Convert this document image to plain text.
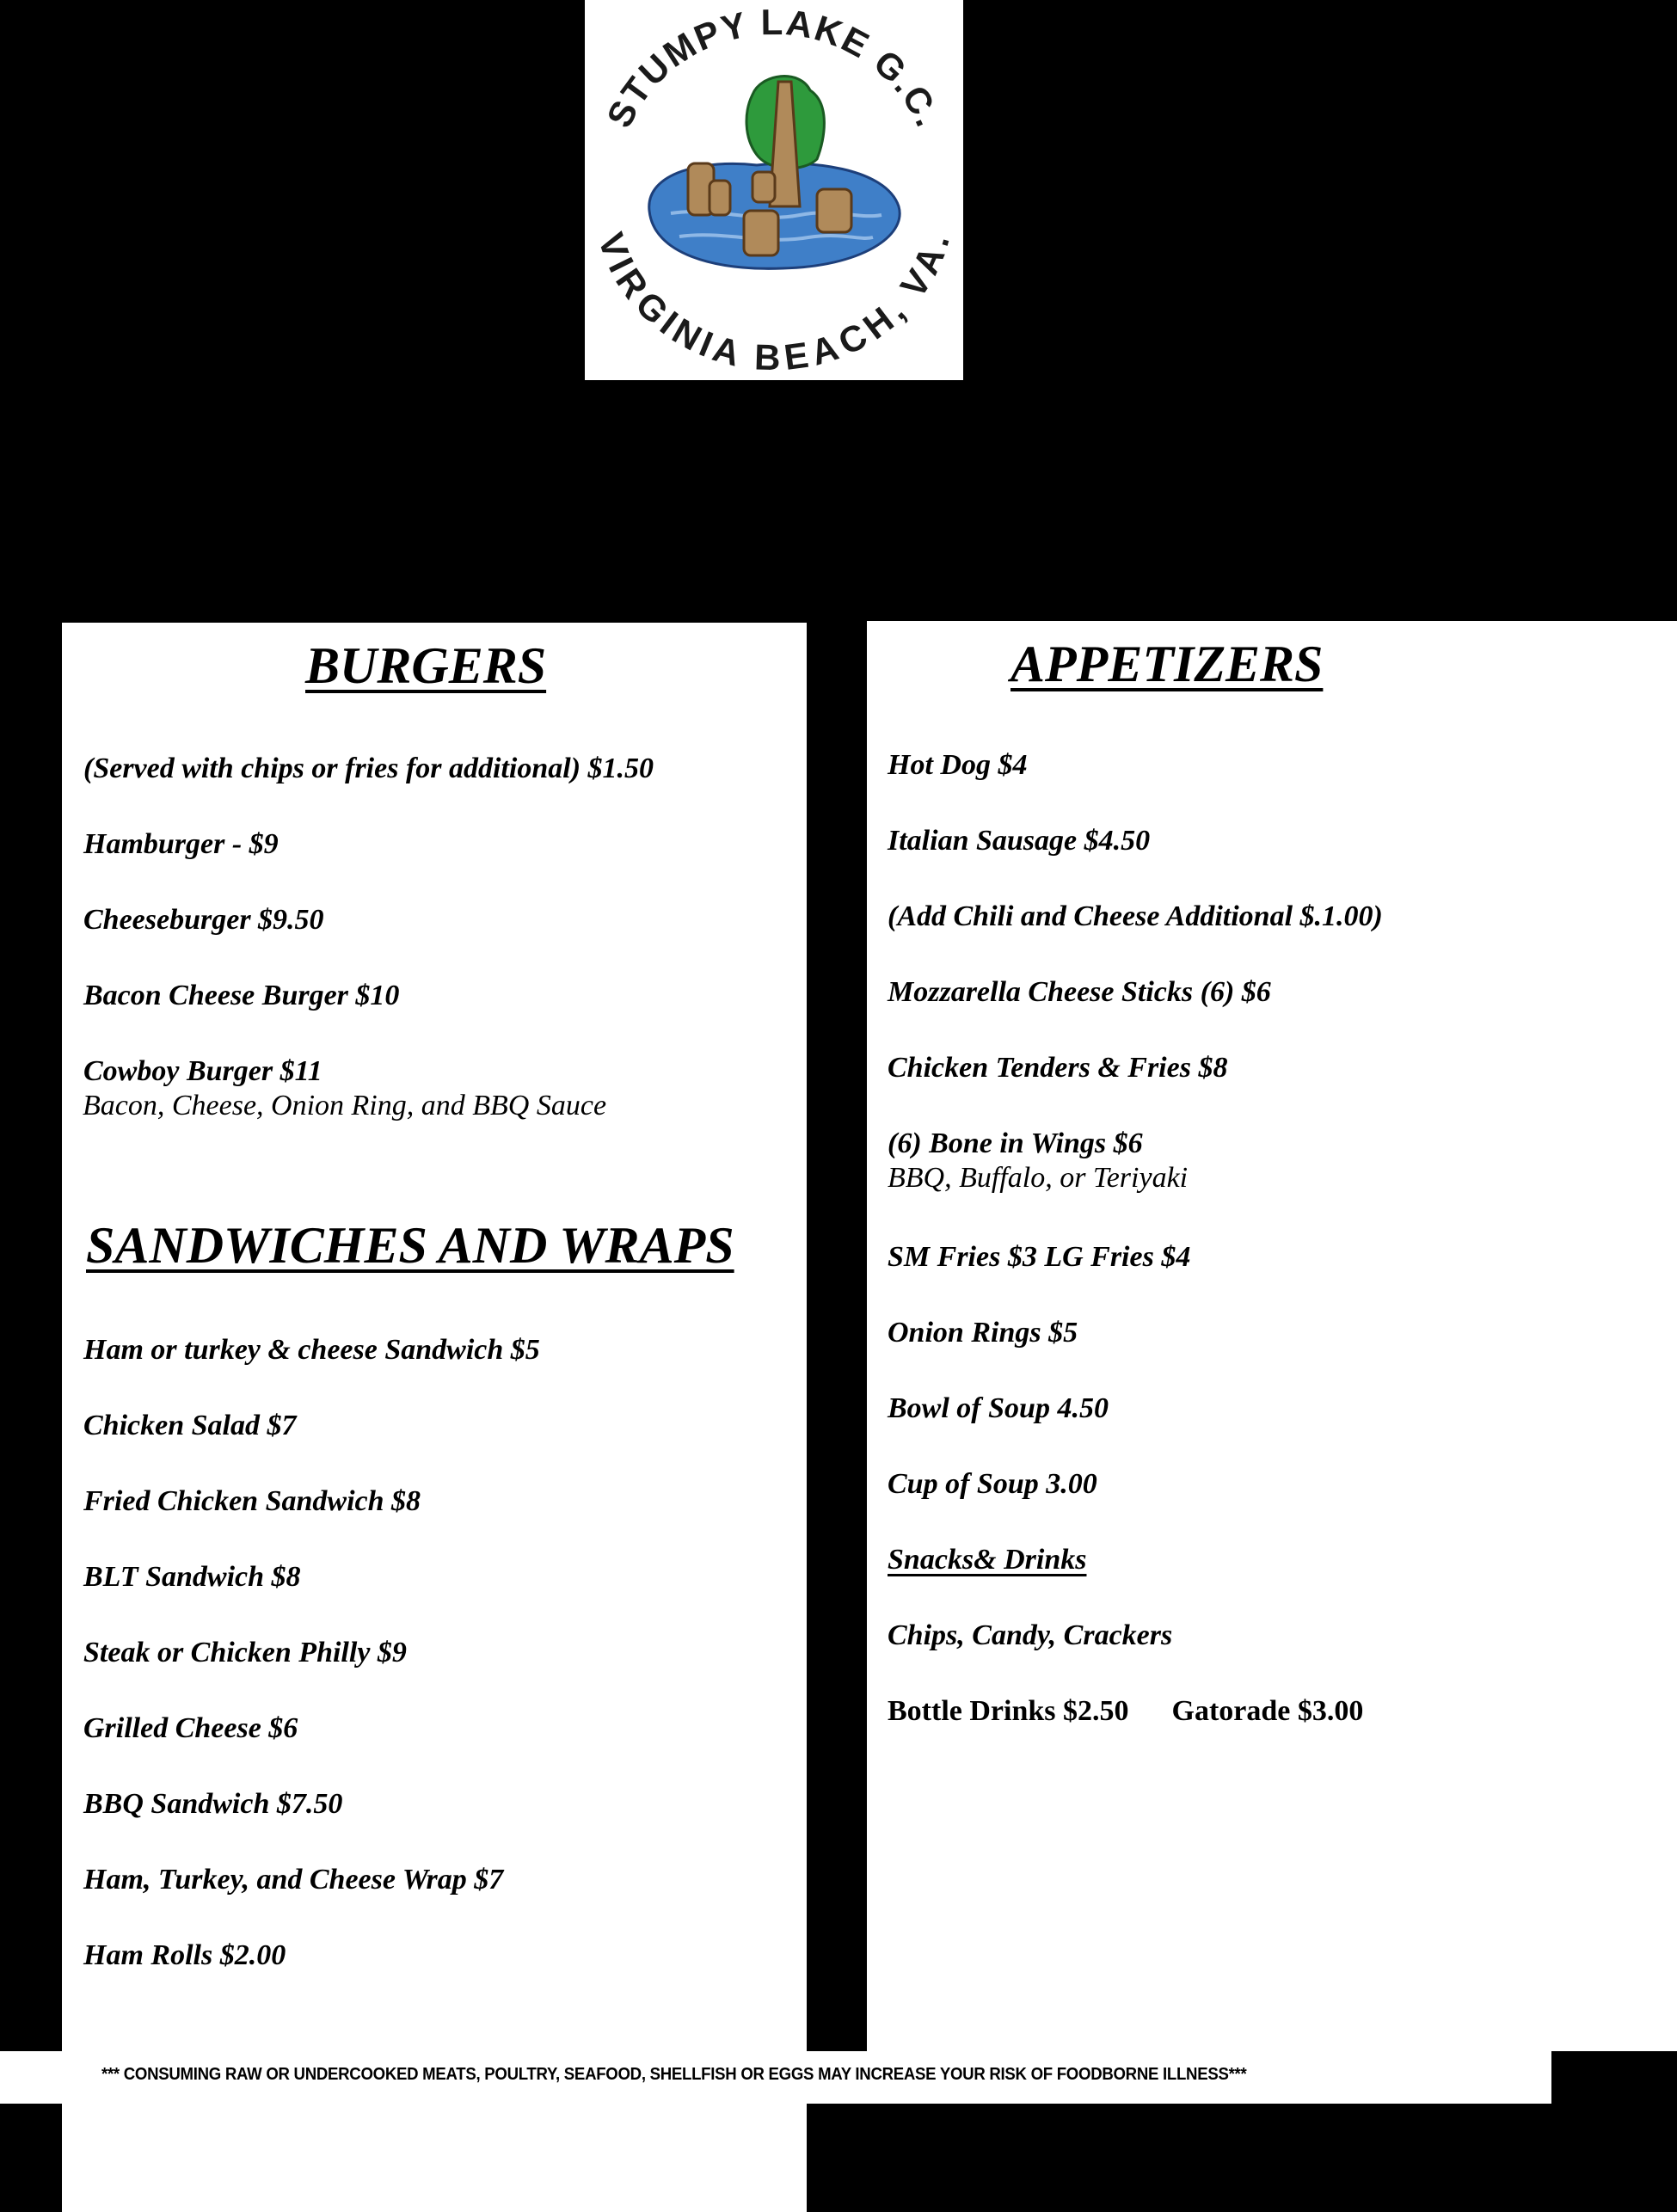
STUMPY LAKE G.C.
VIRGINIA BEACH, VA.
BURGERS
(Served with chips or fries for additional) $1.50
Hamburger - $9
Cheeseburger $9.50
Bacon Cheese Burger $10
Cowboy Burger $11
Bacon, Cheese, Onion Ring, and BBQ Sauce
SANDWICHES AND WRAPS
Ham or turkey & cheese Sandwich $5
Chicken Salad $7
Fried Chicken Sandwich $8
BLT Sandwich $8
Steak or Chicken Philly $9
Grilled Cheese $6
BBQ Sandwich $7.50
Ham, Turkey, and Cheese Wrap $7
Ham Rolls $2.00
APPETIZERS
Hot Dog $4
Italian Sausage $4.50
(Add Chili and Cheese Additional $.1.00)
Mozzarella Cheese Sticks (6) $6
Chicken Tenders & Fries $8
(6) Bone in Wings $6
BBQ, Buffalo, or Teriyaki
SM Fries $3 LG Fries $4
Onion Rings $5
Bowl of Soup 4.50
Cup of Soup 3.00
Snacks& Drinks
Chips, Candy, Crackers
Bottle Drinks $2.50 Gatorade $3.00
*** CONSUMING RAW OR UNDERCOOKED MEATS, POULTRY, SEAFOOD, SHELLFISH OR EGGS MAY INCREASE YOUR RISK OF FOODBORNE ILLNESS***
